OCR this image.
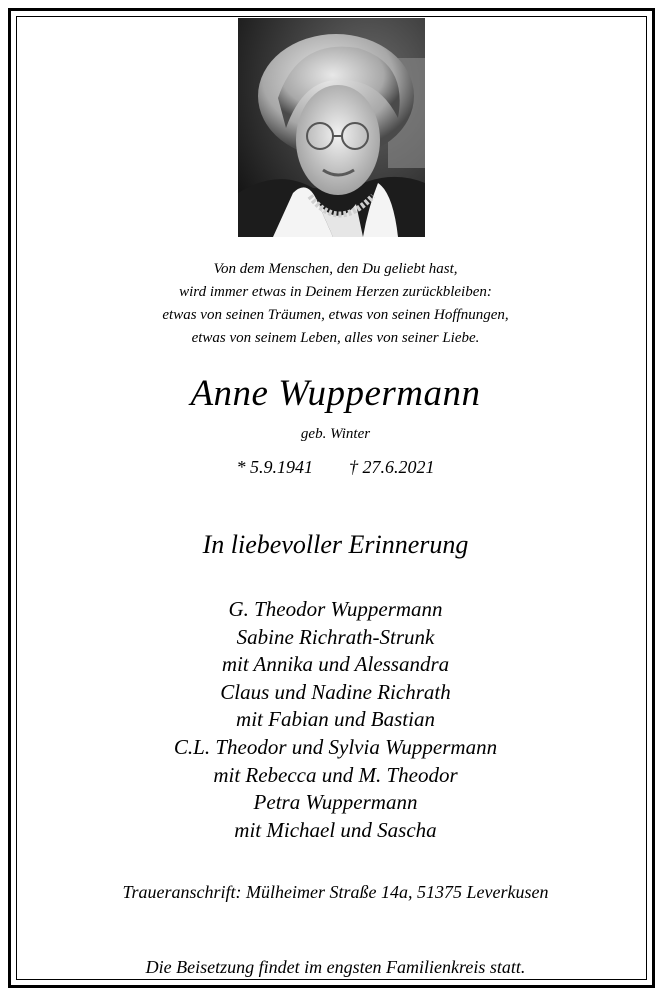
Von dem Menschen, den Du geliebt hast,
wird immer etwas in Deinem Herzen zurückbleiben:
etwas von seinen Träumen, etwas von seinen Hoffnungen,
etwas von seinem Leben, alles von seiner Liebe.
Anne Wuppermann
geb. Winter
* 5.9.1941 † 27.6.2021
In liebevoller Erinnerung
G. Theodor Wuppermann
Sabine Richrath-Strunk
mit Annika und Alessandra
Claus und Nadine Richrath
mit Fabian und Bastian
C.L. Theodor und Sylvia Wuppermann
mit Rebecca und M. Theodor
Petra Wuppermann
mit Michael und Sascha
Traueranschrift: Mülheimer Straße 14a, 51375 Leverkusen
Die Beisetzung findet im engsten Familienkreis statt.
